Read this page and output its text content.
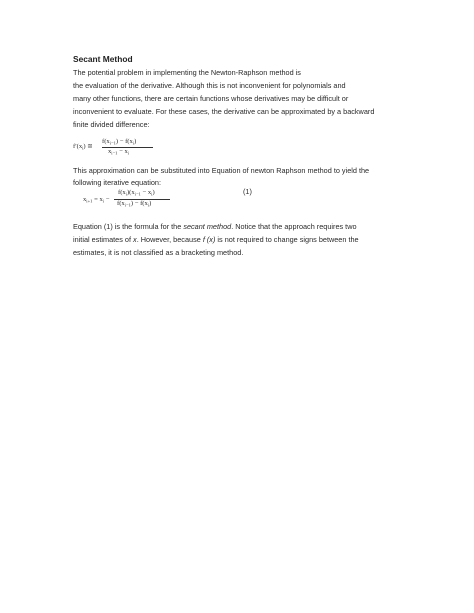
Secant Method
The potential problem in implementing the Newton-Raphson method is
the evaluation of the derivative. Although this is not inconvenient for polynomials and
many other functions, there are certain functions whose derivatives may be difficult or
inconvenient to evaluate. For these cases, the derivative can be approximated by a backward
finite divided difference:
$f'(x_i)$ ≅
$f(x_{i-1}) - f(x_i)$
$x_{i-1} - x_i$
This approximation can be substituted into Equation of newton Raphson method to yield the
following iterative equation:
$x_{i+1} = x_i$ −
$f(x_i)(x_{i-1} - x_i)$
$f(x_{i-1}) - f(x_i)$
(1)
Equation (1) is the formula for the secant method. Notice that the approach requires two
initial estimates of x. However, because f (x) is not required to change signs between the
estimates, it is not classified as a bracketing method.
